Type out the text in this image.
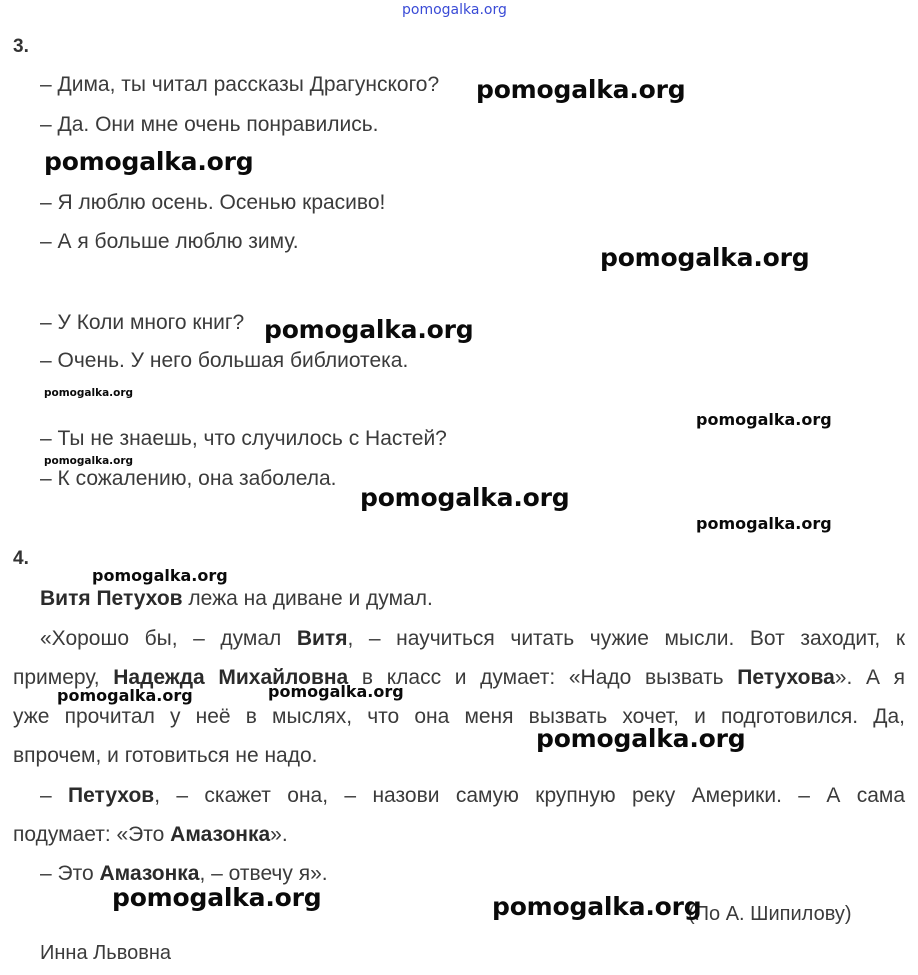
pomogalka.org
3.
– Дима, ты читал рассказы Драгунского?
– Да. Они мне очень понравились.
– Я люблю осень. Осенью красиво!
– А я больше люблю зиму.
– У Коли много книг?
– Очень. У него большая библиотека.
– Ты не знаешь, что случилось с Настей?
– К сожалению, она заболела.
4.
Витя Петухов лежа на диване и думал.
«Хорошо бы, – думал Витя, – научиться читать чужие мысли. Вот заходит, к
примеру, Надежда Михайловна в класс и думает: «Надо вызвать Петухова». А я
уже прочитал у неё в мыслях, что она меня вызвать хочет, и подготовился. Да,
впрочем, и готовиться не надо.
– Петухов, – скажет она, – назови самую крупную реку Америки. – А сама
подумает: «Это Амазонка».
– Это Амазонка, – отвечу я».
(По А. Шипилову)
Инна Львовна
pomogalka.org
pomogalka.org
pomogalka.org
pomogalka.org
pomogalka.org
pomogalka.org
pomogalka.org
pomogalka.org
pomogalka.org
pomogalka.org
pomogalka.org	pomogalka.org
pomogalka.org
pomogalka.org	pomogalka.org
